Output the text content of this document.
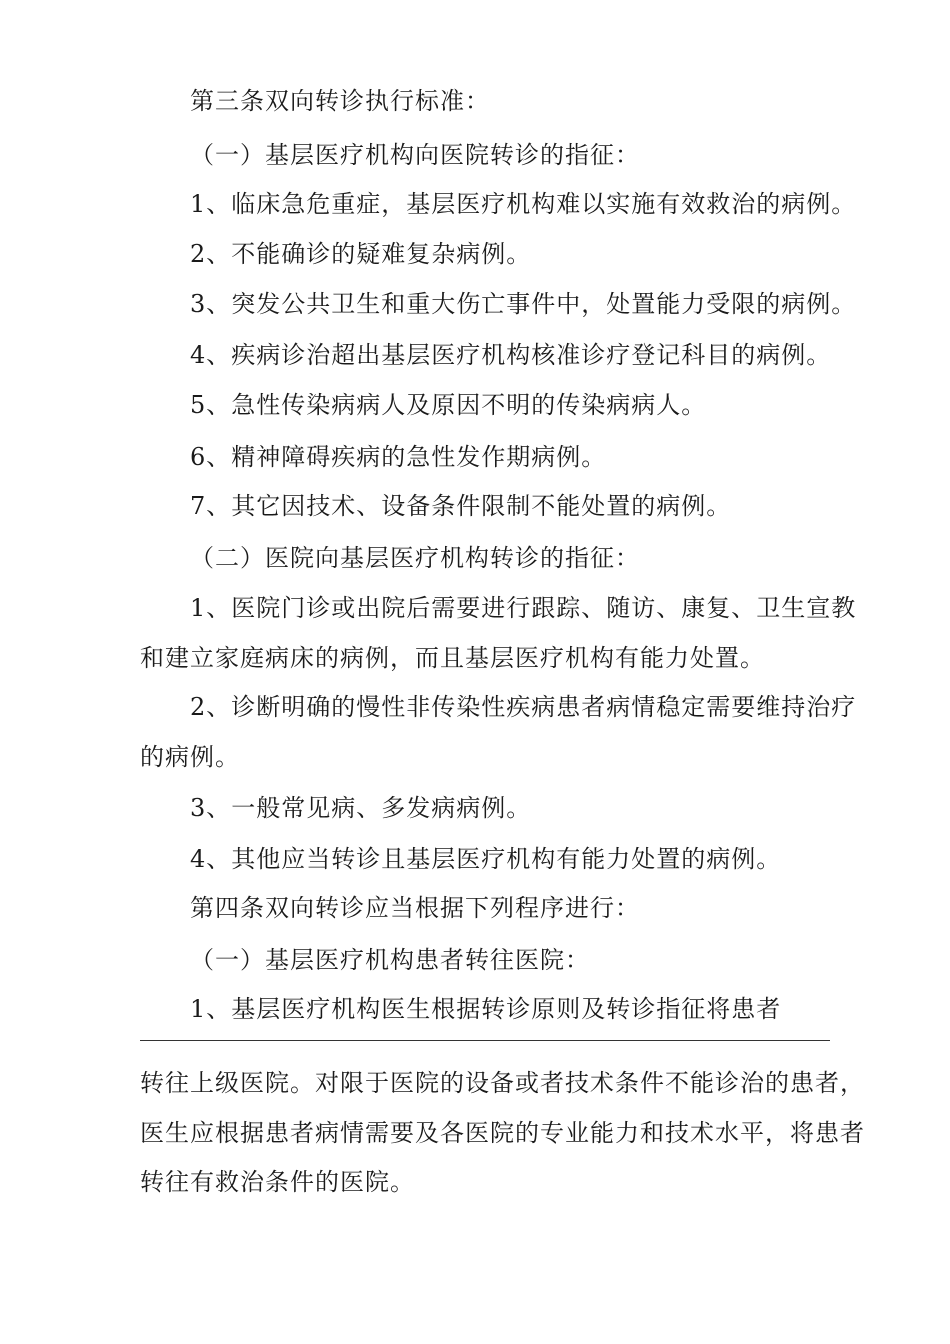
第三条双向转诊执行标准：
（一）基层医疗机构向医院转诊的指征：
1、临床急危重症，基层医疗机构难以实施有效救治的病例。
2、不能确诊的疑难复杂病例。
3、突发公共卫生和重大伤亡事件中，处置能力受限的病例。
4、疾病诊治超出基层医疗机构核准诊疗登记科目的病例。
5、急性传染病病人及原因不明的传染病病人。
6、精神障碍疾病的急性发作期病例。
7、其它因技术、设备条件限制不能处置的病例。
（二）医院向基层医疗机构转诊的指征：
1、医院门诊或出院后需要进行跟踪、随访、康复、卫生宣教
和建立家庭病床的病例，而且基层医疗机构有能力处置。
2、诊断明确的慢性非传染性疾病患者病情稳定需要维持治疗
的病例。
3、一般常见病、多发病病例。
4、其他应当转诊且基层医疗机构有能力处置的病例。
第四条双向转诊应当根据下列程序进行：
（一）基层医疗机构患者转往医院：
1、基层医疗机构医生根据转诊原则及转诊指征将患者
转往上级医院。对限于医院的设备或者技术条件不能诊治的患者，
医生应根据患者病情需要及各医院的专业能力和技术水平，将患者
转往有救治条件的医院。
